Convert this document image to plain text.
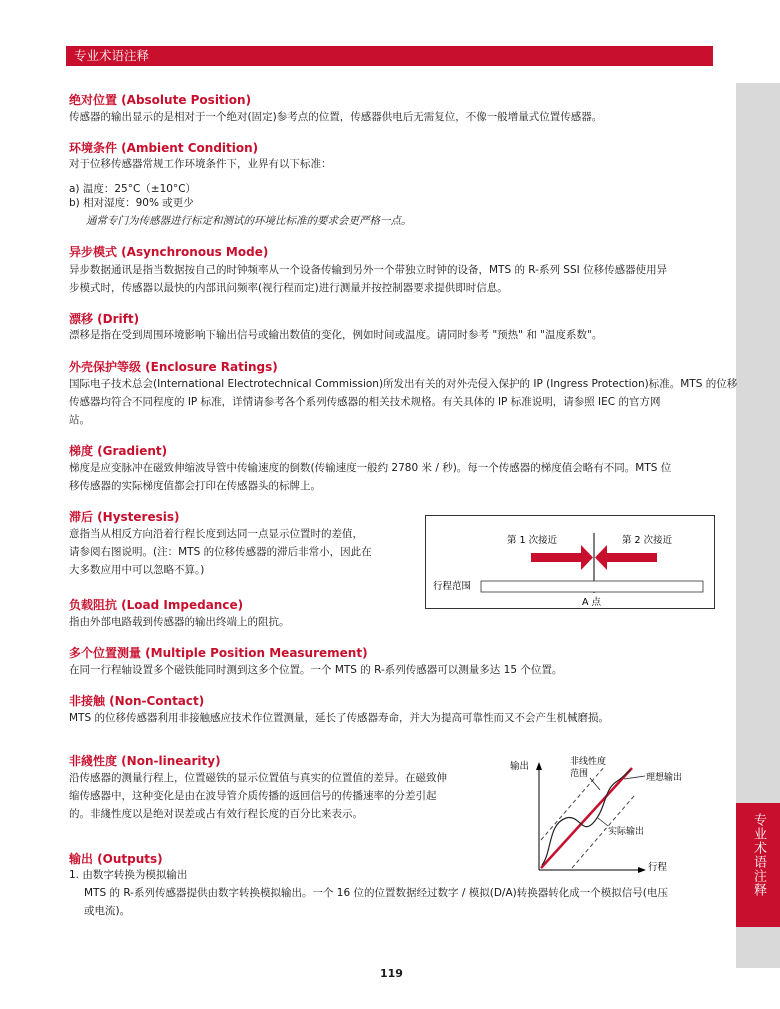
专业术语注释
专业术语注释
绝对位置 (Absolute Position)
传感器的输出显示的是相对于一个绝对(固定)参考点的位置，传感器供电后无需复位，不像一般增量式位置传感器。
环境条件 (Ambient Condition)
对于位移传感器常规工作环境条件下，业界有以下标准：
a) 温度：25°C（±10°C）
b) 相对湿度：90% 或更少
通常专门为传感器进行标定和测试的环境比标准的要求会更严格一点。
异步模式 (Asynchronous Mode)
异步数据通讯是指当数据按自己的时钟频率从一个设备传输到另外一个带独立时钟的设备，MTS 的 R-系列 SSI 位移传感器使用异
步模式时，传感器以最快的内部讯问频率(视行程而定)进行测量并按控制器要求提供即时信息。
漂移 (Drift)
漂移是指在受到周围环境影响下输出信号或输出数值的变化，例如时间或温度。请同时参考 "预热" 和 "温度系数"。
外壳保护等级 (Enclosure Ratings)
国际电子技术总会(International Electrotechnical Commission)所发出有关的对外壳侵入保护的 IP (Ingress Protection)标准。MTS 的位移
传感器均符合不同程度的 IP 标准，详情请参考各个系列传感器的相关技术规格。有关具体的 IP 标准说明，请参照 IEC 的官方网
站。
梯度 (Gradient)
梯度是应变脉冲在磁致伸缩波导管中传输速度的倒数(传输速度一般约 2780 米 / 秒)。每一个传感器的梯度值会略有不同。MTS 位
移传感器的实际梯度值都会打印在传感器头的标牌上。
滞后 (Hysteresis)
意指当从相反方向沿着行程长度到达同一点显示位置时的差值，
请参阅右图说明。(注：MTS 的位移传感器的滞后非常小，因此在
大多数应用中可以忽略不算。)
第 1 次接近	第 2 次接近
行程范围
A 点
负载阻抗 (Load Impedance)
指由外部电路载到传感器的输出终端上的阻抗。
多个位置测量 (Multiple Position Measurement)
在同一行程轴设置多个磁铁能同时测到这多个位置。一个 MTS 的 R-系列传感器可以测量多达 15 个位置。
非接触 (Non-Contact)
MTS 的位移传感器利用非接触感应技术作位置测量，延长了传感器寿命，并大为提高可靠性而又不会产生机械磨损。
非綫性度 (Non-linearity)
沿传感器的测量行程上，位置磁铁的显示位置值与真实的位置值的差异。在磁致伸
缩传感器中，这种变化是由在波导管介质传播的返回信号的传播速率的分差引起
的。非綫性度以是绝对误差或占有效行程长度的百分比来表示。
输出
行程
非线性度
范围	理想输出
实际输出
输出 (Outputs)
1. 由数字转换为模拟输出
MTS 的 R-系列传感器提供由数字转换模拟输出。一个 16 位的位置数据经过数字 / 模拟(D/A)转换器转化成一个模拟信号(电压
或电流)。
119
